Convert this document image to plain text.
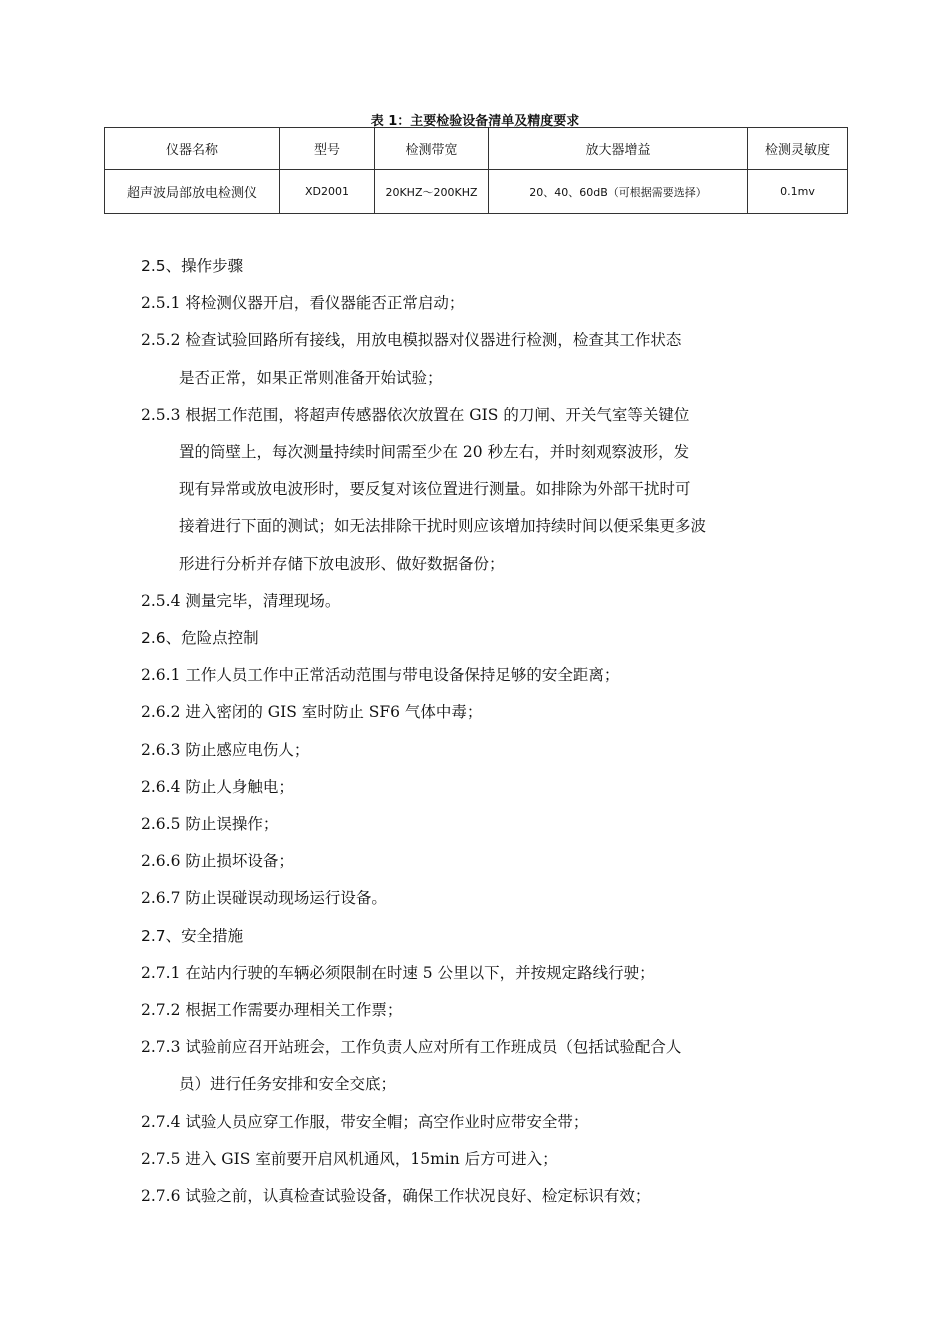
表 1：主要检验设备清单及精度要求
仪器名称	型号	检测带宽	放大器增益	检测灵敏度
超声波局部放电检测仪	XD2001	20KHZ～200KHZ	20、40、60dB（可根据需要选择）	0.1mv
2.5、操作步骤
2.5.1 将检测仪器开启，看仪器能否正常启动；
2.5.2 检查试验回路所有接线，用放电模拟器对仪器进行检测，检查其工作状态
是否正常，如果正常则准备开始试验；
2.5.3 根据工作范围，将超声传感器依次放置在 GIS 的刀闸、开关气室等关键位
置的筒壁上，每次测量持续时间需至少在 20 秒左右，并时刻观察波形，发
现有异常或放电波形时，要反复对该位置进行测量。如排除为外部干扰时可
接着进行下面的测试；如无法排除干扰时则应该增加持续时间以便采集更多波
形进行分析并存储下放电波形、做好数据备份；
2.5.4 测量完毕，清理现场。
2.6、危险点控制
2.6.1 工作人员工作中正常活动范围与带电设备保持足够的安全距离；
2.6.2 进入密闭的 GIS 室时防止 SF6 气体中毒；
2.6.3 防止感应电伤人；
2.6.4 防止人身触电；
2.6.5 防止误操作；
2.6.6 防止损坏设备；
2.6.7 防止误碰误动现场运行设备。
2.7、安全措施
2.7.1 在站内行驶的车辆必须限制在时速 5 公里以下，并按规定路线行驶；
2.7.2 根据工作需要办理相关工作票；
2.7.3 试验前应召开站班会，工作负责人应对所有工作班成员（包括试验配合人
员）进行任务安排和安全交底；
2.7.4 试验人员应穿工作服，带安全帽；高空作业时应带安全带；
2.7.5 进入 GIS 室前要开启风机通风，15min 后方可进入；
2.7.6 试验之前，认真检查试验设备，确保工作状况良好、检定标识有效；
